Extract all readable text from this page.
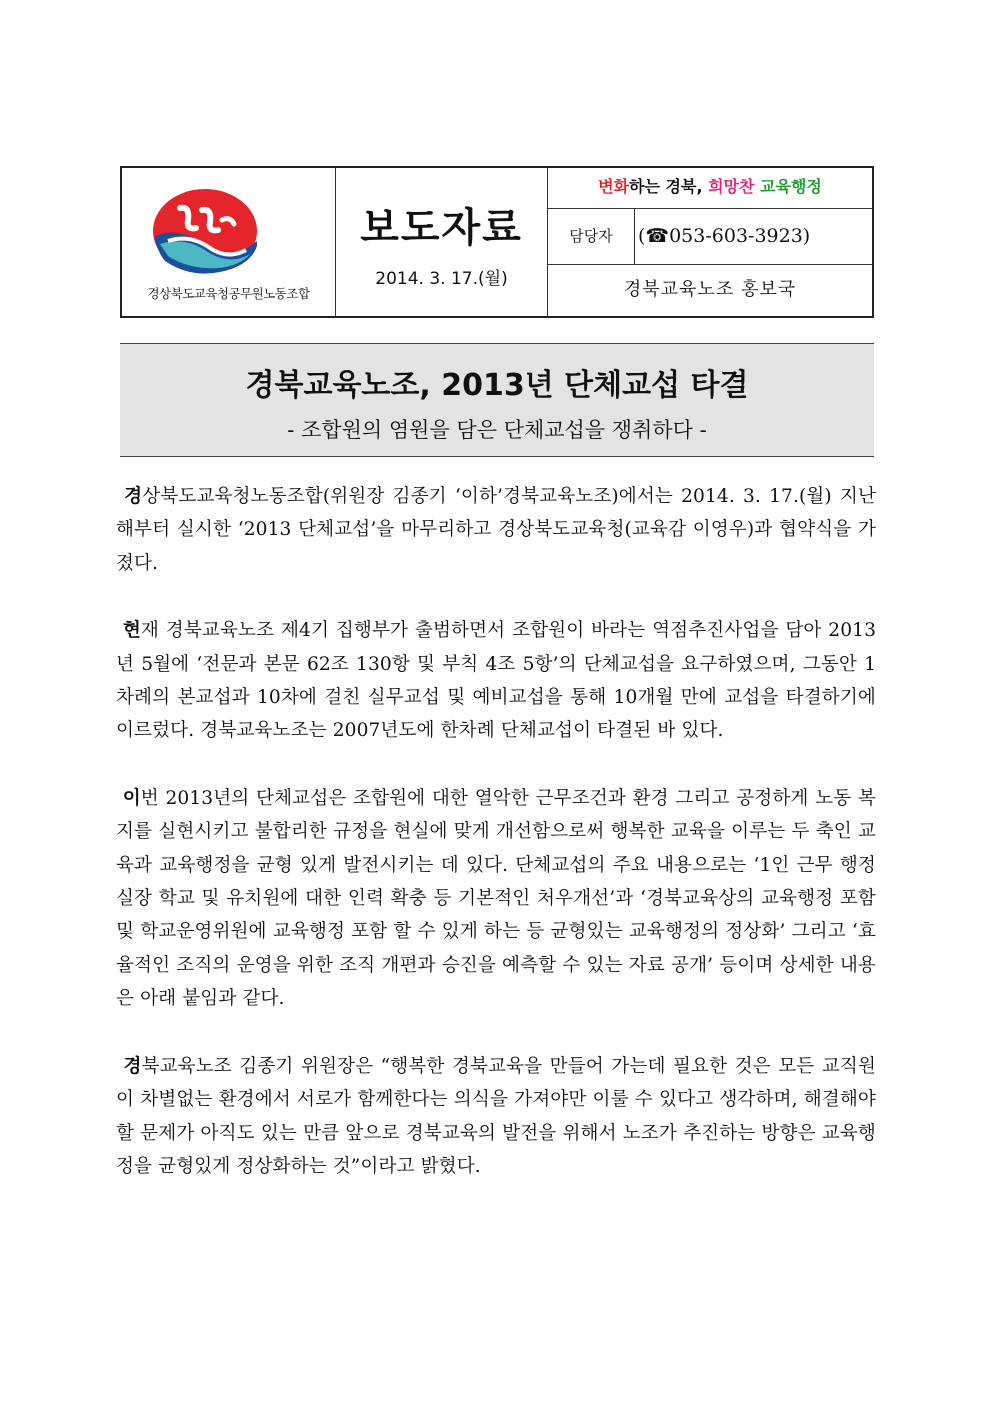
경상북도교육청공무원노동조합
보도자료
2014. 3. 17.(월)
변화하는 경북, 희망찬 교육행정
담당자	(☎053-603-3923)
경북교육노조 홍보국
경북교육노조, 2013년 단체교섭 타결
- 조합원의 염원을 담은 단체교섭을 쟁취하다 -

경상북도교육청노동조합(위원장 김종기 ‘이하’경북교육노조)에서는 2014. 3. 17.(월) 지난해부터 실시한 ‘2013 단체교섭’을 마무리하고 경상북도교육청(교육감 이영우)과 협약식을 가졌다.

현재 경북교육노조 제4기 집행부가 출범하면서 조합원이 바라는 역점추진사업을 담아 2013년 5월에 ‘전문과 본문 62조 130항 및 부칙 4조 5항’의 단체교섭을 요구하였으며, 그동안 1차례의 본교섭과 10차에 걸친 실무교섭 및 예비교섭을 통해 10개월 만에 교섭을 타결하기에 이르렀다. 경북교육노조는 2007년도에 한차례 단체교섭이 타결된 바 있다.

이번 2013년의 단체교섭은 조합원에 대한 열악한 근무조건과 환경 그리고 공정하게 노동 복지를 실현시키고 불합리한 규정을 현실에 맞게 개선함으로써 행복한 교육을 이루는 두 축인 교육과 교육행정을 균형 있게 발전시키는 데 있다. 단체교섭의 주요 내용으로는 ‘1인 근무 행정실장 학교 및 유치원에 대한 인력 확충 등 기본적인 처우개선’과 ‘경북교육상의 교육행정 포함 및 학교운영위원에 교육행정 포함 할 수 있게 하는 등 균형있는 교육행정의 정상화’ 그리고 ‘효율적인 조직의 운영을 위한 조직 개편과 승진을 예측할 수 있는 자료 공개’ 등이며 상세한 내용은 아래 붙임과 같다.

경북교육노조 김종기 위원장은 “행복한 경북교육을 만들어 가는데 필요한 것은 모든 교직원이 차별없는 환경에서 서로가 함께한다는 의식을 가져야만 이룰 수 있다고 생각하며, 해결해야 할 문제가 아직도 있는 만큼 앞으로 경북교육의 발전을 위해서 노조가 추진하는 방향은 교육행정을 균형있게 정상화하는 것”이라고 밝혔다.
